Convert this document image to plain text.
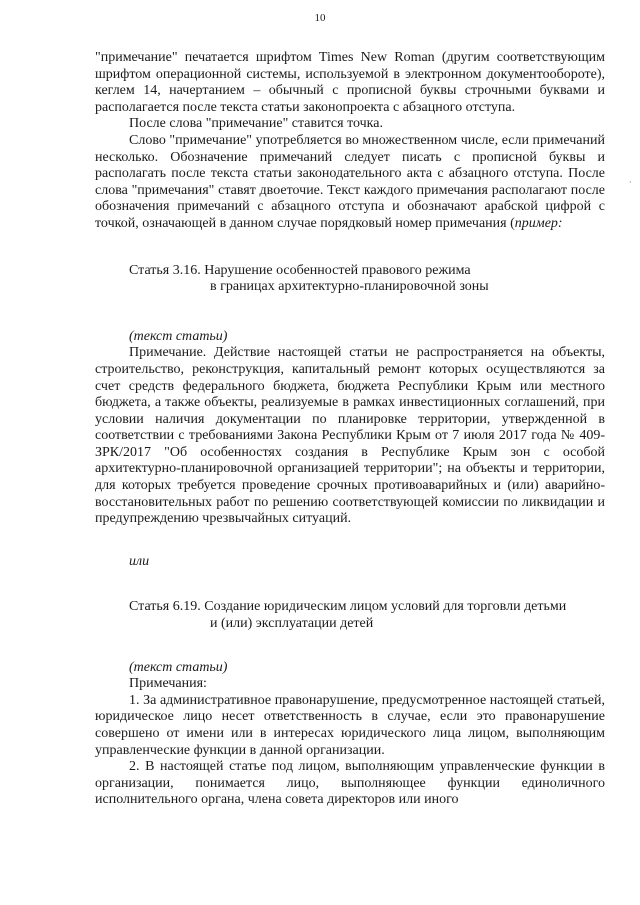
10
·

"примечание" печатается шрифтом Times New Roman (другим соответствующим шрифтом операционной системы, используемой в электронном документообороте), кеглем 14, начертанием – обычный с прописной буквы строчными буквами и располагается после текста статьи законопроекта с абзацного отступа.

После слова "примечание" ставится точка.

Слово "примечание" употребляется во множественном числе, если примечаний несколько. Обозначение примечаний следует писать с прописной буквы и располагать после текста статьи законодательного акта с абзацного отступа. После слова "примечания" ставят двоеточие. Текст каждого примечания располагают после обозначения примечаний с абзацного отступа и обозначают арабской цифрой с точкой, означающей в данном случае порядковый номер примечания (пример:

Статья 3.16. Нарушение особенностей правового режима
в границах архитектурно-планировочной зоны

(текст статьи)

Примечание. Действие настоящей статьи не распространяется на объекты, строительство, реконструкция, капитальный ремонт которых осуществляются за счет средств федерального бюджета, бюджета Республики Крым или местного бюджета, а также объекты, реализуемые в рамках инвестиционных соглашений, при условии наличия документации по планировке территории, утвержденной в соответствии с требованиями Закона Республики Крым от 7 июля 2017 года № 409-ЗРК/2017 "Об особенностях создания в Республике Крым зон с особой архитектурно-планировочной организацией территории"; на объекты и территории, для которых требуется проведение срочных противоаварийных и (или) аварийно-восстановительных работ по решению соответствующей комиссии по ликвидации и предупреждению чрезвычайных ситуаций.

или

Статья 6.19. Создание юридическим лицом условий для торговли детьми
и (или) эксплуатации детей

(текст статьи)

Примечания:

1. За административное правонарушение, предусмотренное настоящей статьей, юридическое лицо несет ответственность в случае, если это правонарушение совершено от имени или в интересах юридического лица лицом, выполняющим управленческие функции в данной организации.

2. В настоящей статье под лицом, выполняющим управленческие функции в организации, понимается лицо, выполняющее функции единоличного исполнительного органа, члена совета директоров или иного
